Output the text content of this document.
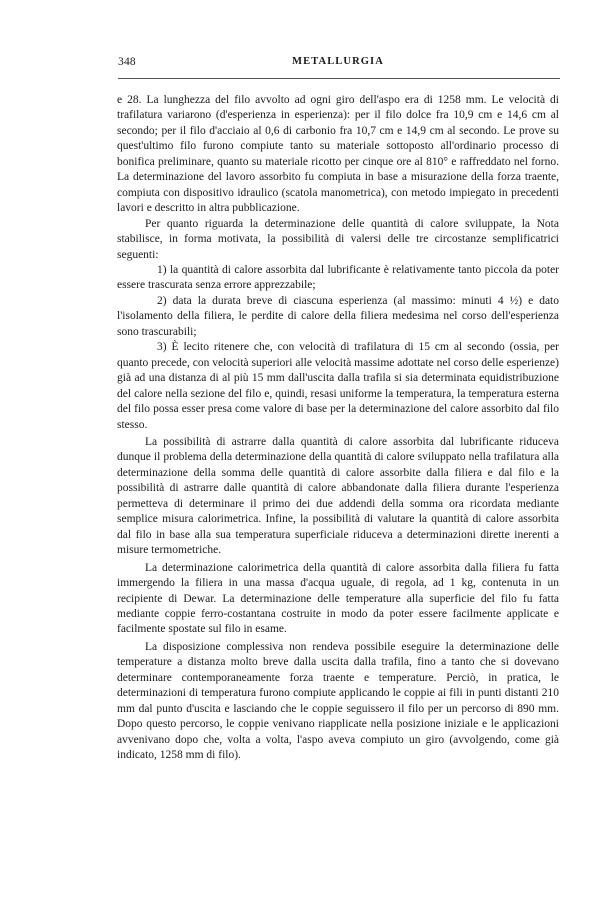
348	METALLURGIA

e 28. La lunghezza del filo avvolto ad ogni giro dell'aspo era di 1258 mm. Le velocità di trafilatura variarono (d'esperienza in esperienza): per il filo dolce fra 10,9 cm e 14,6 cm al secondo; per il filo d'acciaio al 0,6 di carbonio fra 10,7 cm e 14,9 cm al secondo. Le prove su quest'ultimo filo furono compiute tanto su materiale sottoposto all'ordinario processo di bonifica preliminare, quanto su materiale ricotto per cinque ore al 810° e raffreddato nel forno. La determinazione del lavoro assorbito fu compiuta in base a misurazione della forza traente, compiuta con dispositivo idraulico (scatola manometrica), con metodo impiegato in precedenti lavori e descritto in altra pubblicazione.

Per quanto riguarda la determinazione delle quantità di calore sviluppate, la Nota stabilisce, in forma motivata, la possibilità di valersi delle tre circostanze semplificatrici seguenti:

1) la quantità di calore assorbita dal lubrificante è relativamente tanto piccola da poter essere trascurata senza errore apprezzabile;

2) data la durata breve di ciascuna esperienza (al massimo: minuti 4 ½) e dato l'isolamento della filiera, le perdite di calore della filiera medesima nel corso dell'esperienza sono trascurabili;

3) È lecito ritenere che, con velocità di trafilatura di 15 cm al secondo (ossia, per quanto precede, con velocità superiori alle velocità massime adottate nel corso delle esperienze) già ad una distanza di al più 15 mm dall'uscita dalla trafila si sia determinata equidistribuzione del calore nella sezione del filo e, quindi, resasi uniforme la temperatura, la temperatura esterna del filo possa esser presa come valore di base per la determinazione del calore assorbito dal filo stesso.

La possibilità di astrarre dalla quantità di calore assorbita dal lubrificante riduceva dunque il problema della determinazione della quantità di calore sviluppato nella trafilatura alla determinazione della somma delle quantità di calore assorbite dalla filiera e dal filo e la possibilità di astrarre dalle quantità di calore abbandonate dalla filiera durante l'esperienza permetteva di determinare il primo dei due addendi della somma ora ricordata mediante semplice misura calorimetrica. Infine, la possibilità di valutare la quantità di calore assorbita dal filo in base alla sua temperatura superficiale riduceva a determinazioni dirette inerenti a misure termometriche.

La determinazione calorimetrica della quantità di calore assorbita dalla filiera fu fatta immergendo la filiera in una massa d'acqua uguale, di regola, ad 1 kg, contenuta in un recipiente di Dewar. La determinazione delle temperature alla superficie del filo fu fatta mediante coppie ferro-costantana costruite in modo da poter essere facilmente applicate e facilmente spostate sul filo in esame.

La disposizione complessiva non rendeva possibile eseguire la determinazione delle temperature a distanza molto breve dalla uscita dalla trafila, fino a tanto che si dovevano determinare contemporaneamente forza traente e temperature. Perciò, in pratica, le determinazioni di temperatura furono compiute applicando le coppie ai fili in punti distanti 210 mm dal punto d'uscita e lasciando che le coppie seguissero il filo per un percorso di 890 mm. Dopo questo percorso, le coppie venivano riapplicate nella posizione iniziale e le applicazioni avvenivano dopo che, volta a volta, l'aspo aveva compiuto un giro (avvolgendo, come già indicato, 1258 mm di filo).
